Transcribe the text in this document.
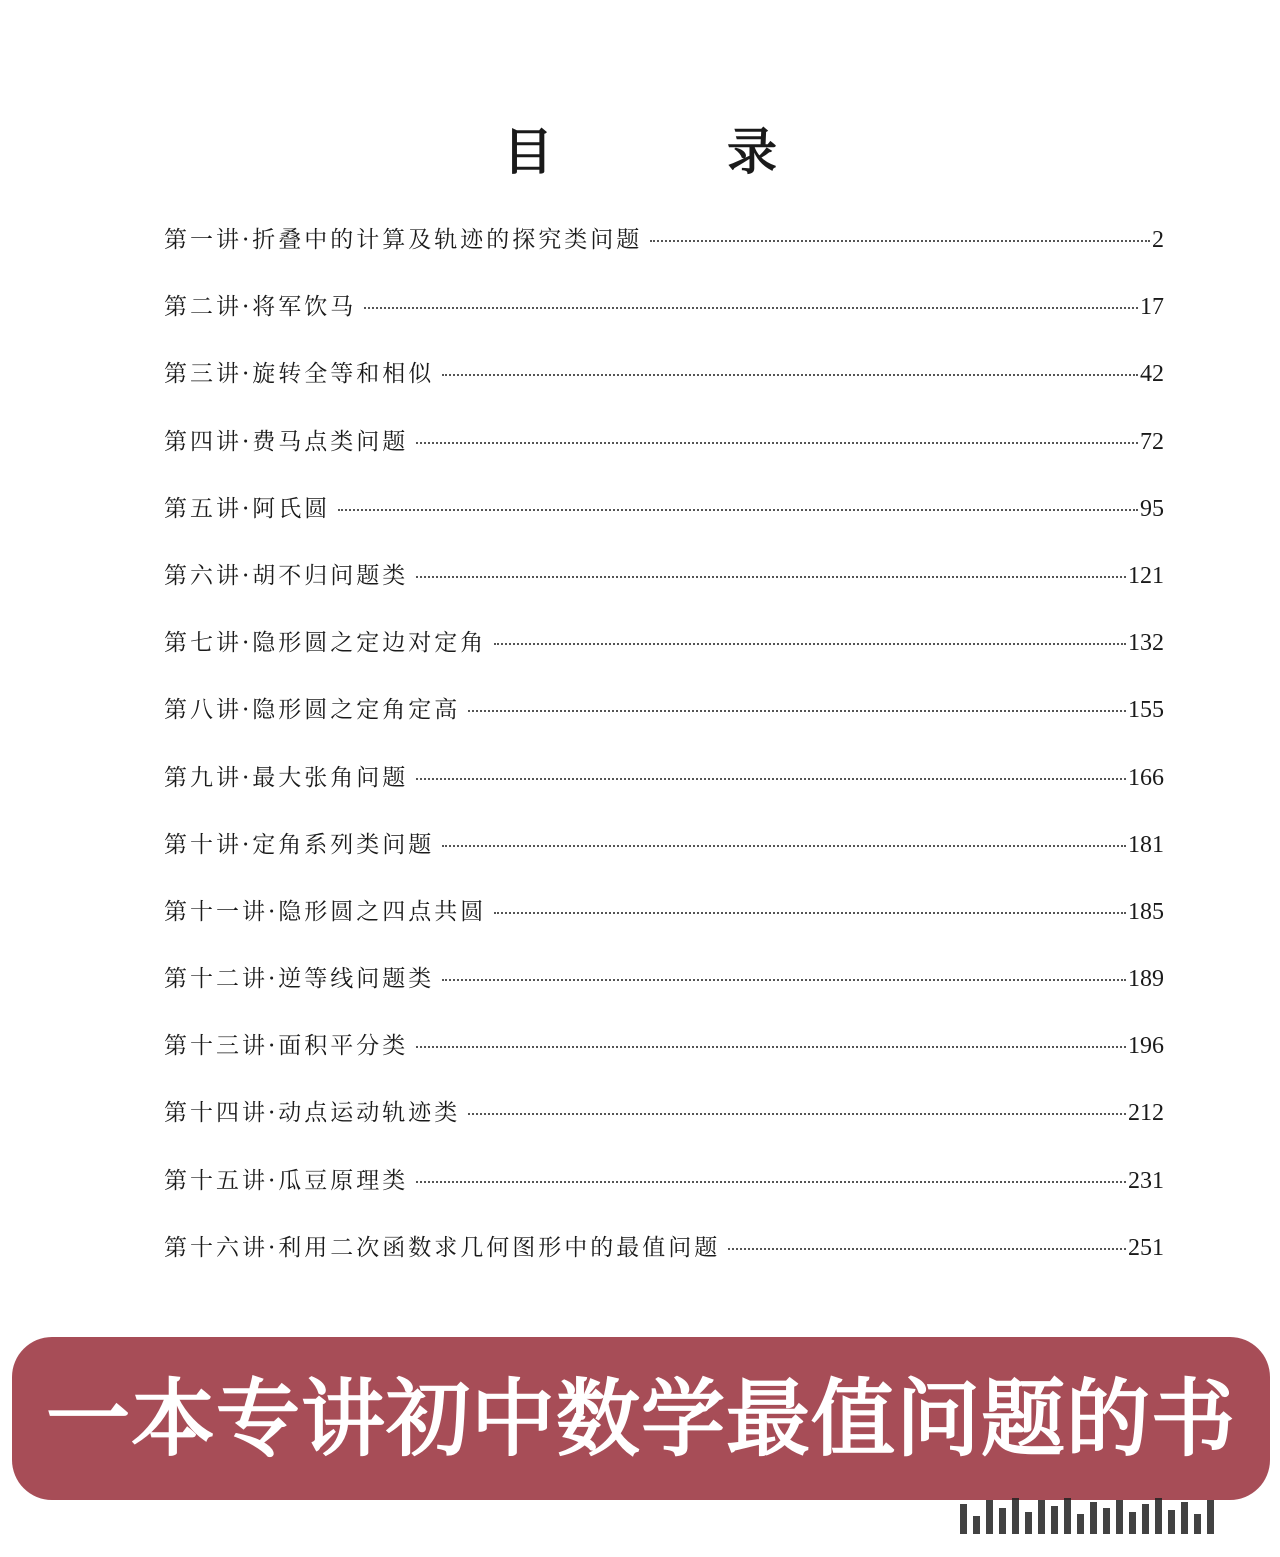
目　录
第一讲·折叠中的计算及轨迹的探究类问题	2
第二讲·将军饮马	17
第三讲·旋转全等和相似	42
第四讲·费马点类问题	72
第五讲·阿氏圆	95
第六讲·胡不归问题类	121
第七讲·隐形圆之定边对定角	132
第八讲·隐形圆之定角定高	155
第九讲·最大张角问题	166
第十讲·定角系列类问题	181
第十一讲·隐形圆之四点共圆	185
第十二讲·逆等线问题类	189
第十三讲·面积平分类	196
第十四讲·动点运动轨迹类	212
第十五讲·瓜豆原理类	231
第十六讲·利用二次函数求几何图形中的最值问题	251
一本专讲初中数学最值问题的书
